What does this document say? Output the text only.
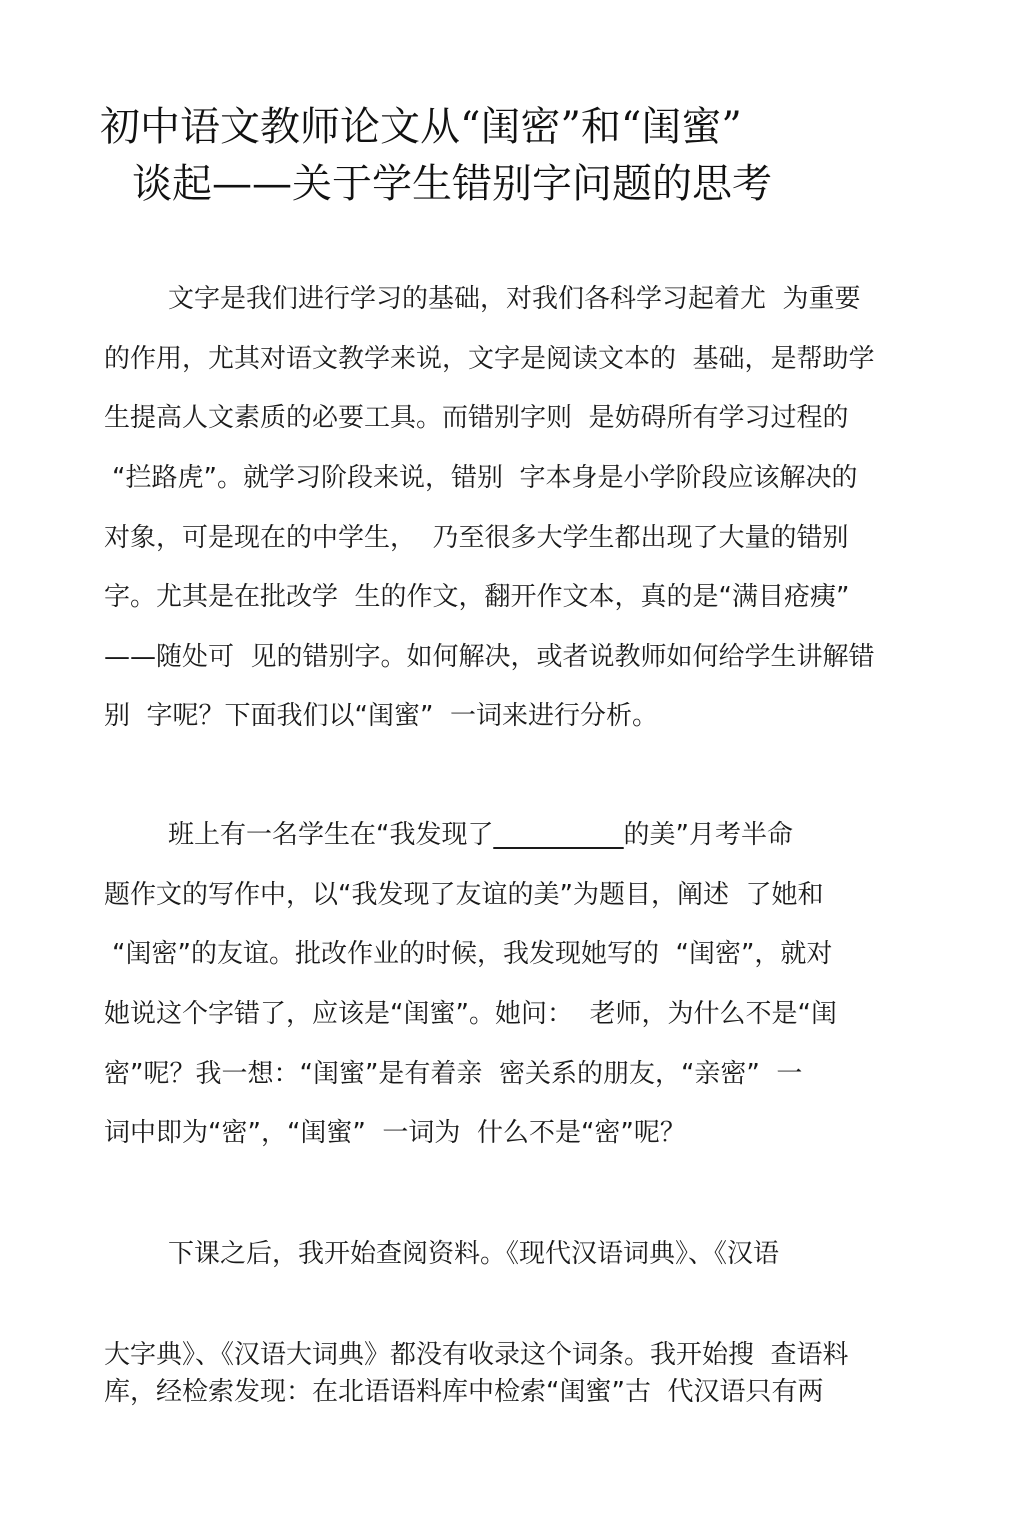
初中语文教师论文从“闺密”和“闺蜜”
谈起——关于学生错别字问题的思考
文字是我们进行学习的基础，对我们各科学习起着尤  为重要
的作用，尤其对语文教学来说，文字是阅读文本的  基础，是帮助学
生提高人文素质的必要工具。而错别字则  是妨碍所有学习过程的
“拦路虎”。就学习阶段来说，错别  字本身是小学阶段应该解决的
对象，可是现在的中学生，  乃至很多大学生都出现了大量的错别
字。尤其是在批改学  生的作文，翻开作文本，真的是“满目疮痍”
——随处可  见的错别字。如何解决，或者说教师如何给学生讲解错
别  字呢？下面我们以“闺蜜”  一词来进行分析。
班上有一名学生在“我发现了__________的美”月考半命
题作文的写作中，以“我发现了友谊的美”为题目，阐述  了她和
“闺密”的友谊。批改作业的时候，我发现她写的  “闺密”，就对
她说这个字错了，应该是“闺蜜”。她问：  老师，为什么不是“闺
密”呢？我一想：“闺蜜”是有着亲  密关系的朋友，“亲密”  一
词中即为“密”，“闺蜜”  一词为  什么不是“密”呢？
下课之后，我开始查阅资料。《现代汉语词典》、《汉语
大字典》、《汉语大词典》都没有收录这个词条。我开始搜  查语料
库，经检索发现：在北语语料库中检索“闺蜜”古  代汉语只有两
